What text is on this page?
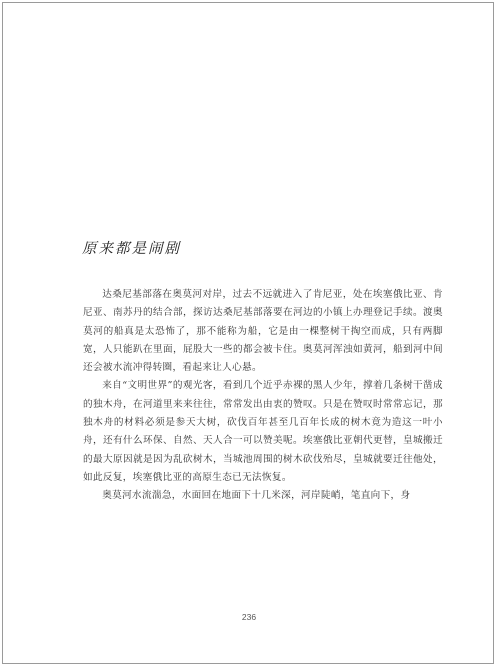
原来都是闹剧

达桑尼基部落在奥莫河对岸，过去不远就进入了肯尼亚，处在埃塞俄比亚、肯尼亚、南苏丹的结合部，探访达桑尼基部落要在河边的小镇上办理登记手续。渡奥莫河的船真是太恐怖了，那不能称为船，它是由一棵整树干掏空而成，只有两脚宽，人只能趴在里面，屁股大一些的都会被卡住。奥莫河浑浊如黄河，船到河中间还会被水流冲得转圈，看起来让人心悬。

来自“文明世界”的观光客，看到几个近乎赤裸的黑人少年，撑着几条树干凿成的独木舟，在河道里来来往往，常常发出由衷的赞叹。只是在赞叹时常常忘记，那独木舟的材料必须是参天大树，砍伐百年甚至几百年长成的树木竟为造这一叶小舟，还有什么环保、自然、天人合一可以赞美呢。埃塞俄比亚朝代更替，皇城搬迁的最大原因就是因为乱砍树木，当城池周围的树木砍伐殆尽，皇城就要迁往他处，如此反复，埃塞俄比亚的高原生态已无法恢复。

奥莫河水流湍急，水面回在地面下十几米深，河岸陡峭，笔直向下，身

236
